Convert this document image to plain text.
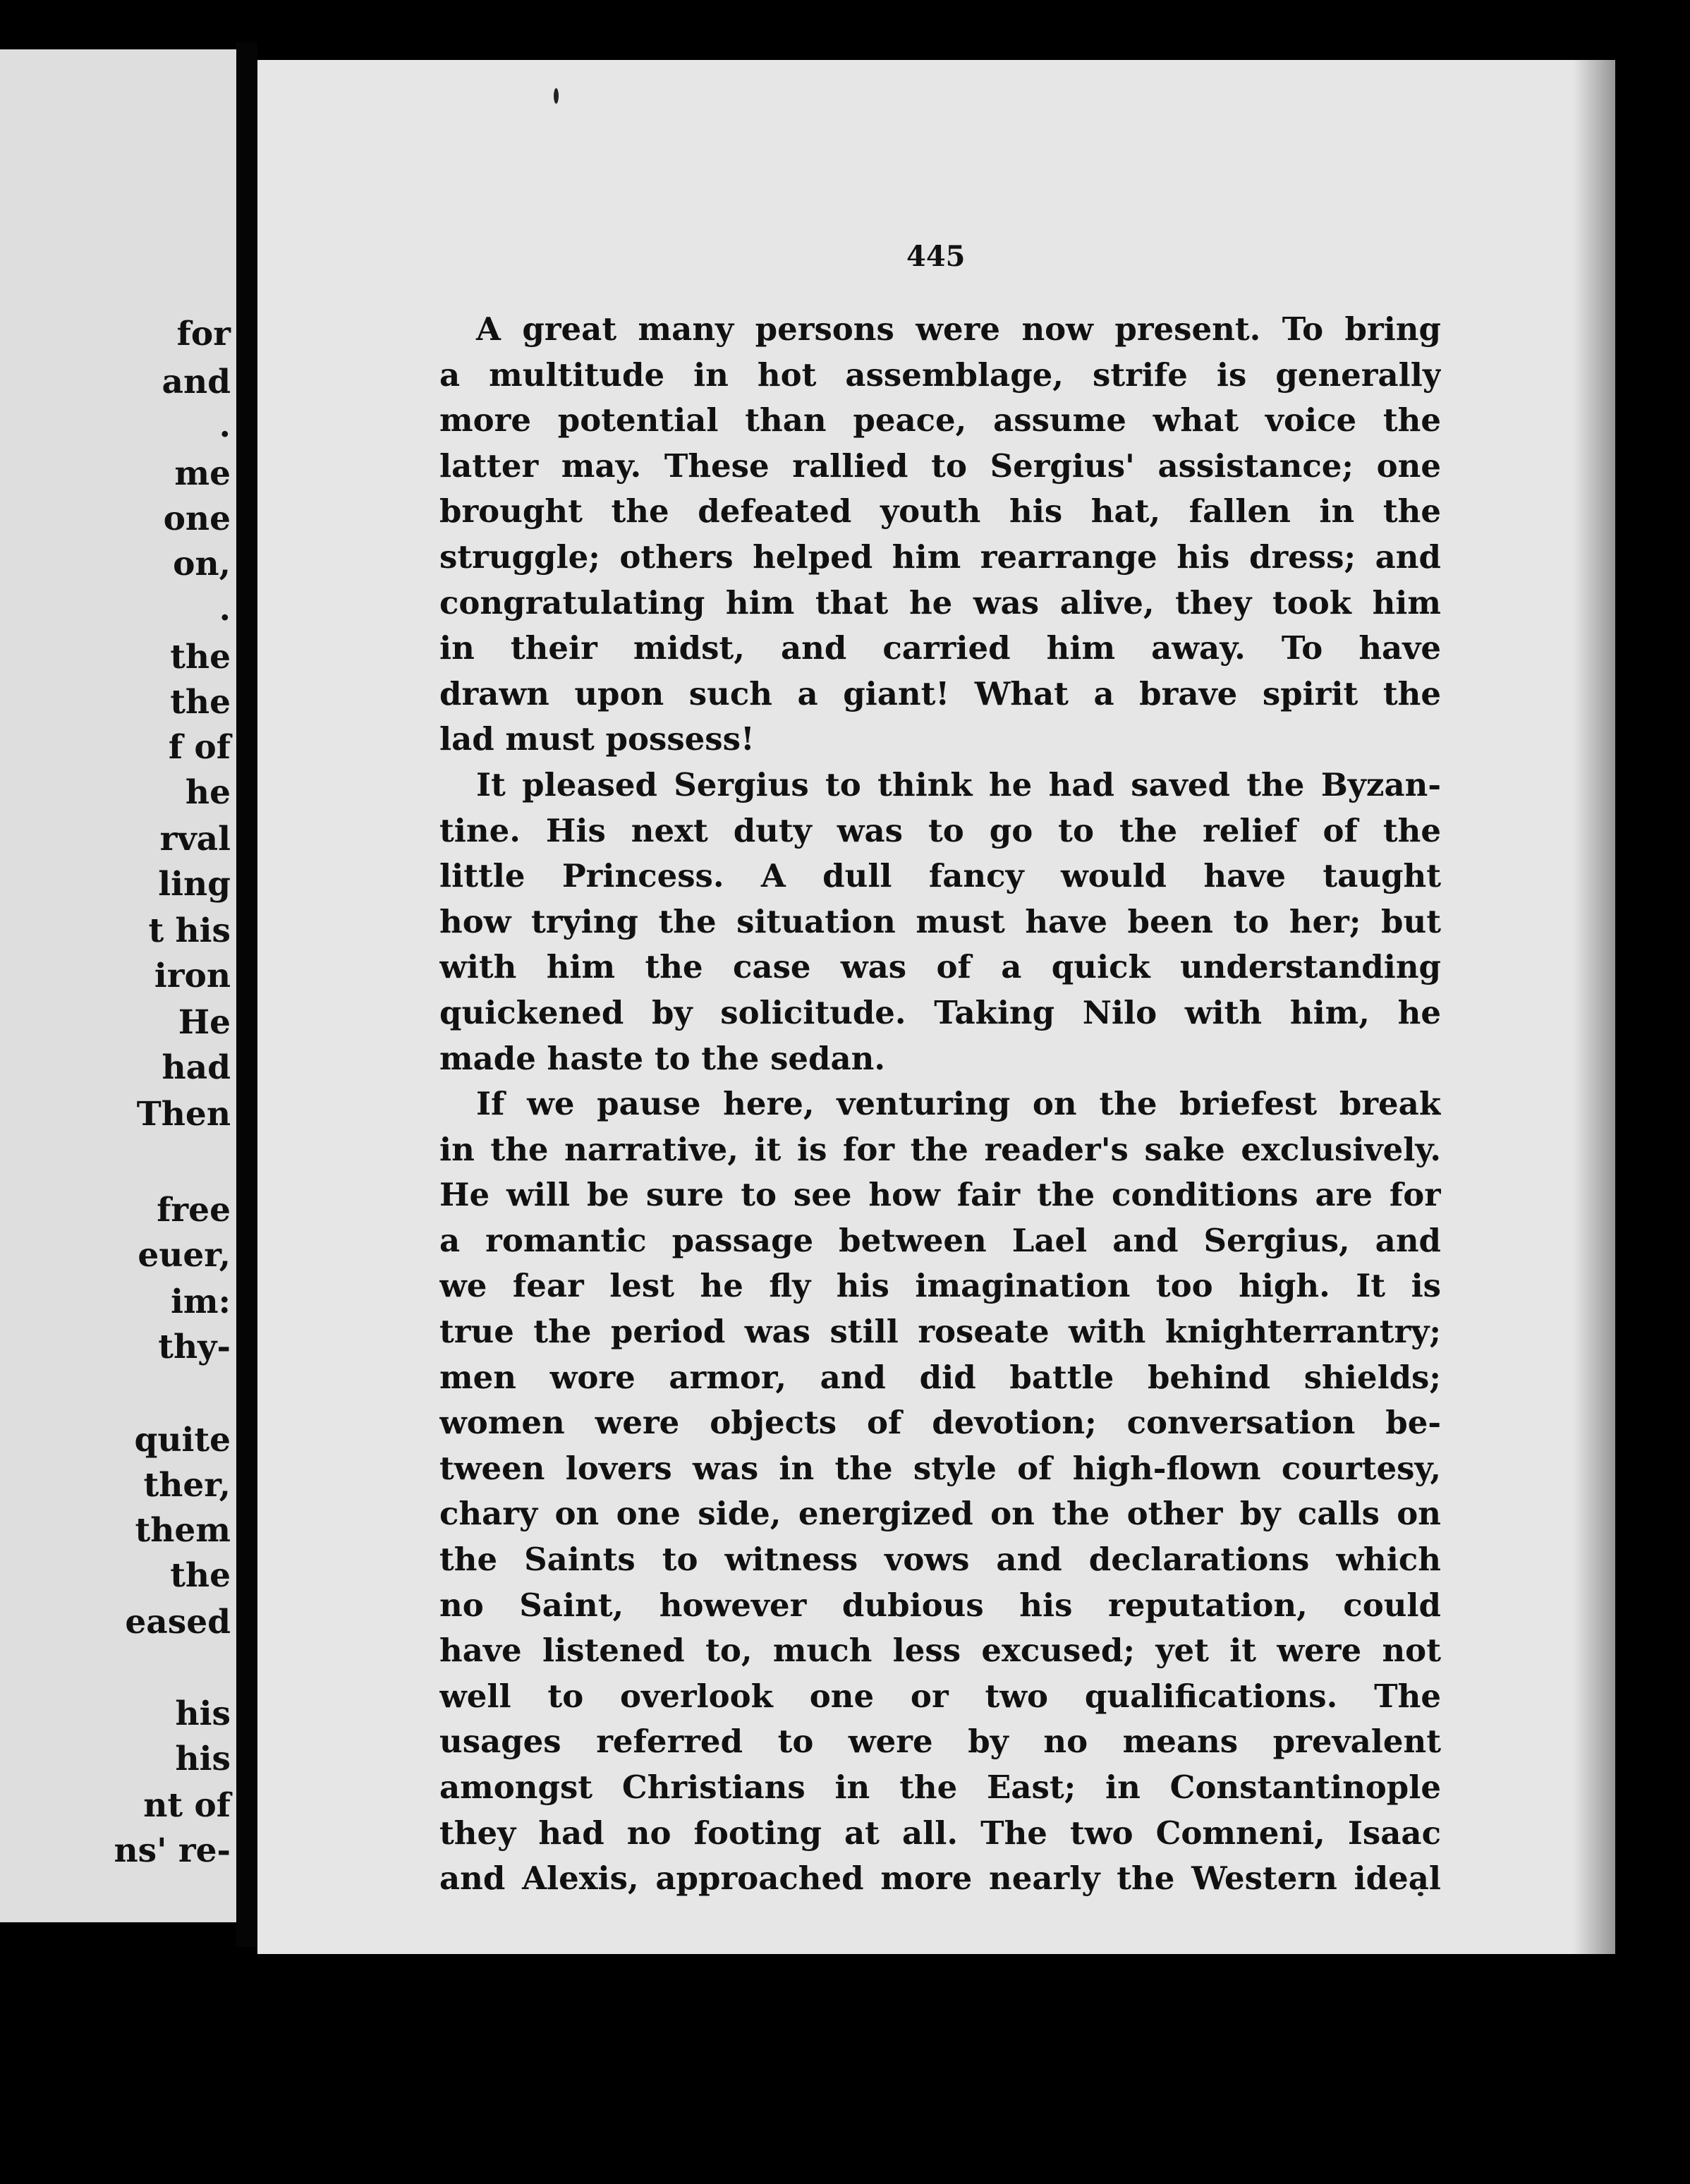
for
and
.
me
one
on,
.
the
the
f of
he
rval
ling
t his
iron
He
had
Then
free
euer,
im:
thy-
quite
ther,
them
the
eased
his
his
nt of
ns' re-
445
A great many persons were now present. To bring
a multitude in hot assemblage, strife is generally
more potential than peace, assume what voice the
latter may. These rallied to Sergius' assistance; one
brought the defeated youth his hat, fallen in the
struggle; others helped him rearrange his dress; and
congratulating him that he was alive, they took him
in their midst, and carried him away. To have
drawn upon such a giant! What a brave spirit the
lad must possess!
It pleased Sergius to think he had saved the Byzan-
tine. His next duty was to go to the relief of the
little Princess. A dull fancy would have taught
how trying the situation must have been to her; but
with him the case was of a quick understanding
quickened by solicitude. Taking Nilo with him, he
made haste to the sedan.
If we pause here, venturing on the briefest break
in the narrative, it is for the reader's sake exclusively.
He will be sure to see how fair the conditions are for
a romantic passage between Lael and Sergius, and
we fear lest he fly his imagination too high. It is
true the period was still roseate with knighterrantry;
men wore armor, and did battle behind shields;
women were objects of devotion; conversation be-
tween lovers was in the style of high-flown courtesy,
chary on one side, energized on the other by calls on
the Saints to witness vows and declarations which
no Saint, however dubious his reputation, could
have listened to, much less excused; yet it were not
well to overlook one or two qualifications. The
usages referred to were by no means prevalent
amongst Christians in the East; in Constantinople
they had no footing at all. The two Comneni, Isaac
and Alexis, approached more nearly the Western ideal
